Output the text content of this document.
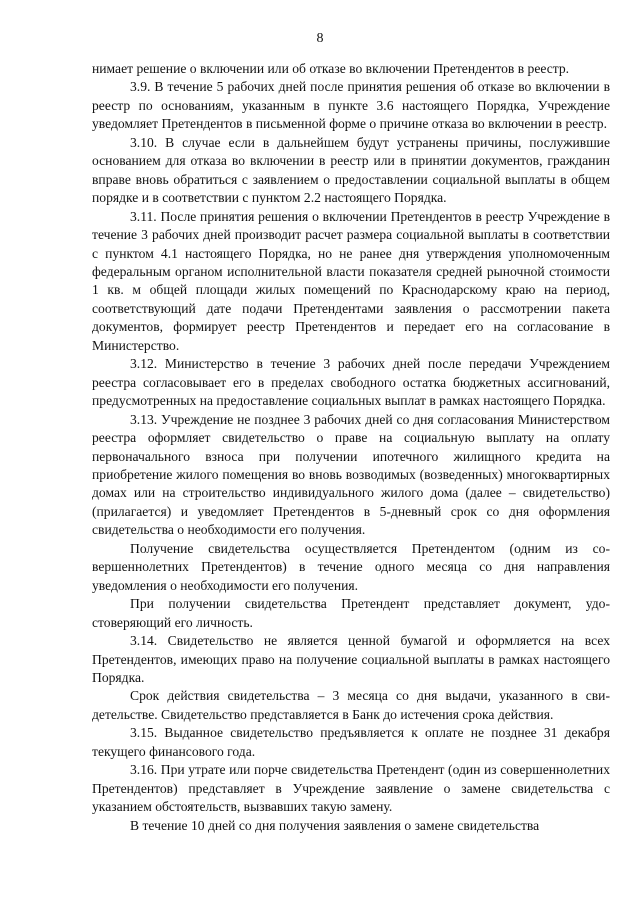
8

нимает решение о включении или об отказе во включении Претендентов в реестр.

3.9. В течение 5 рабочих дней после принятия решения об отказе во включении в реестр по основаниям, указанным в пункте 3.6 настоящего Порядка, Учреждение уведомляет Претендентов в письменной форме о причине отказа во включении в реестр.

3.10. В случае если в дальнейшем будут устранены причины, послужившие основанием для отказа во включении в реестр или в принятии документов, гражданин вправе вновь обратиться с заявлением о предоставлении социальной выплаты в общем порядке и в соответствии с пунктом 2.2 настоящего Порядка.

3.11. После принятия решения о включении Претендентов в реестр Учреждение в течение 3 рабочих дней производит расчет размера социальной выплаты в соответствии с пунктом 4.1 настоящего Порядка, но не ранее дня утверждения уполномоченным федеральным органом исполнительной власти показателя средней рыночной стоимости 1 кв. м общей площади жилых помещений по Краснодарскому краю на период, соответствующий дате подачи Претендентами заявления о рассмотрении пакета документов, формирует реестр Претендентов и передает его на согласование в Министерство.

3.12. Министерство в течение 3 рабочих дней после передачи Учреждением реестра согласовывает его в пределах свободного остатка бюджетных ассигнований, предусмотренных на предоставление социальных выплат в рамках настоящего Порядка.

3.13. Учреждение не позднее 3 рабочих дней со дня согласования Министерством реестра оформляет свидетельство о праве на социальную выплату на оплату первоначального взноса при получении ипотечного жилищного кредита на приобретение жилого помещения во вновь возводимых (возведенных) многоквартирных домах или на строительство индивидуального жилого дома (далее – свидетельство) (прилагается) и уведомляет Претендентов в 5-дневный срок со дня оформления свидетельства о необходимости его получения.

Получение свидетельства осуществляется Претендентом (одним из совершеннолетних Претендентов) в течение одного месяца со дня направления уведомления о необходимости его получения.

При получении свидетельства Претендент представляет документ, удостоверяющий его личность.

3.14. Свидетельство не является ценной бумагой и оформляется на всех Претендентов, имеющих право на получение социальной выплаты в рамках настоящего Порядка.

Срок действия свидетельства – 3 месяца со дня выдачи, указанного в свидетельстве. Свидетельство представляется в Банк до истечения срока действия.

3.15. Выданное свидетельство предъявляется к оплате не позднее 31 декабря текущего финансового года.

3.16. При утрате или порче свидетельства Претендент (один из совершеннолетних Претендентов) представляет в Учреждение заявление о замене свидетельства с указанием обстоятельств, вызвавших такую замену.

В течение 10 дней со дня получения заявления о замене свидетельства
